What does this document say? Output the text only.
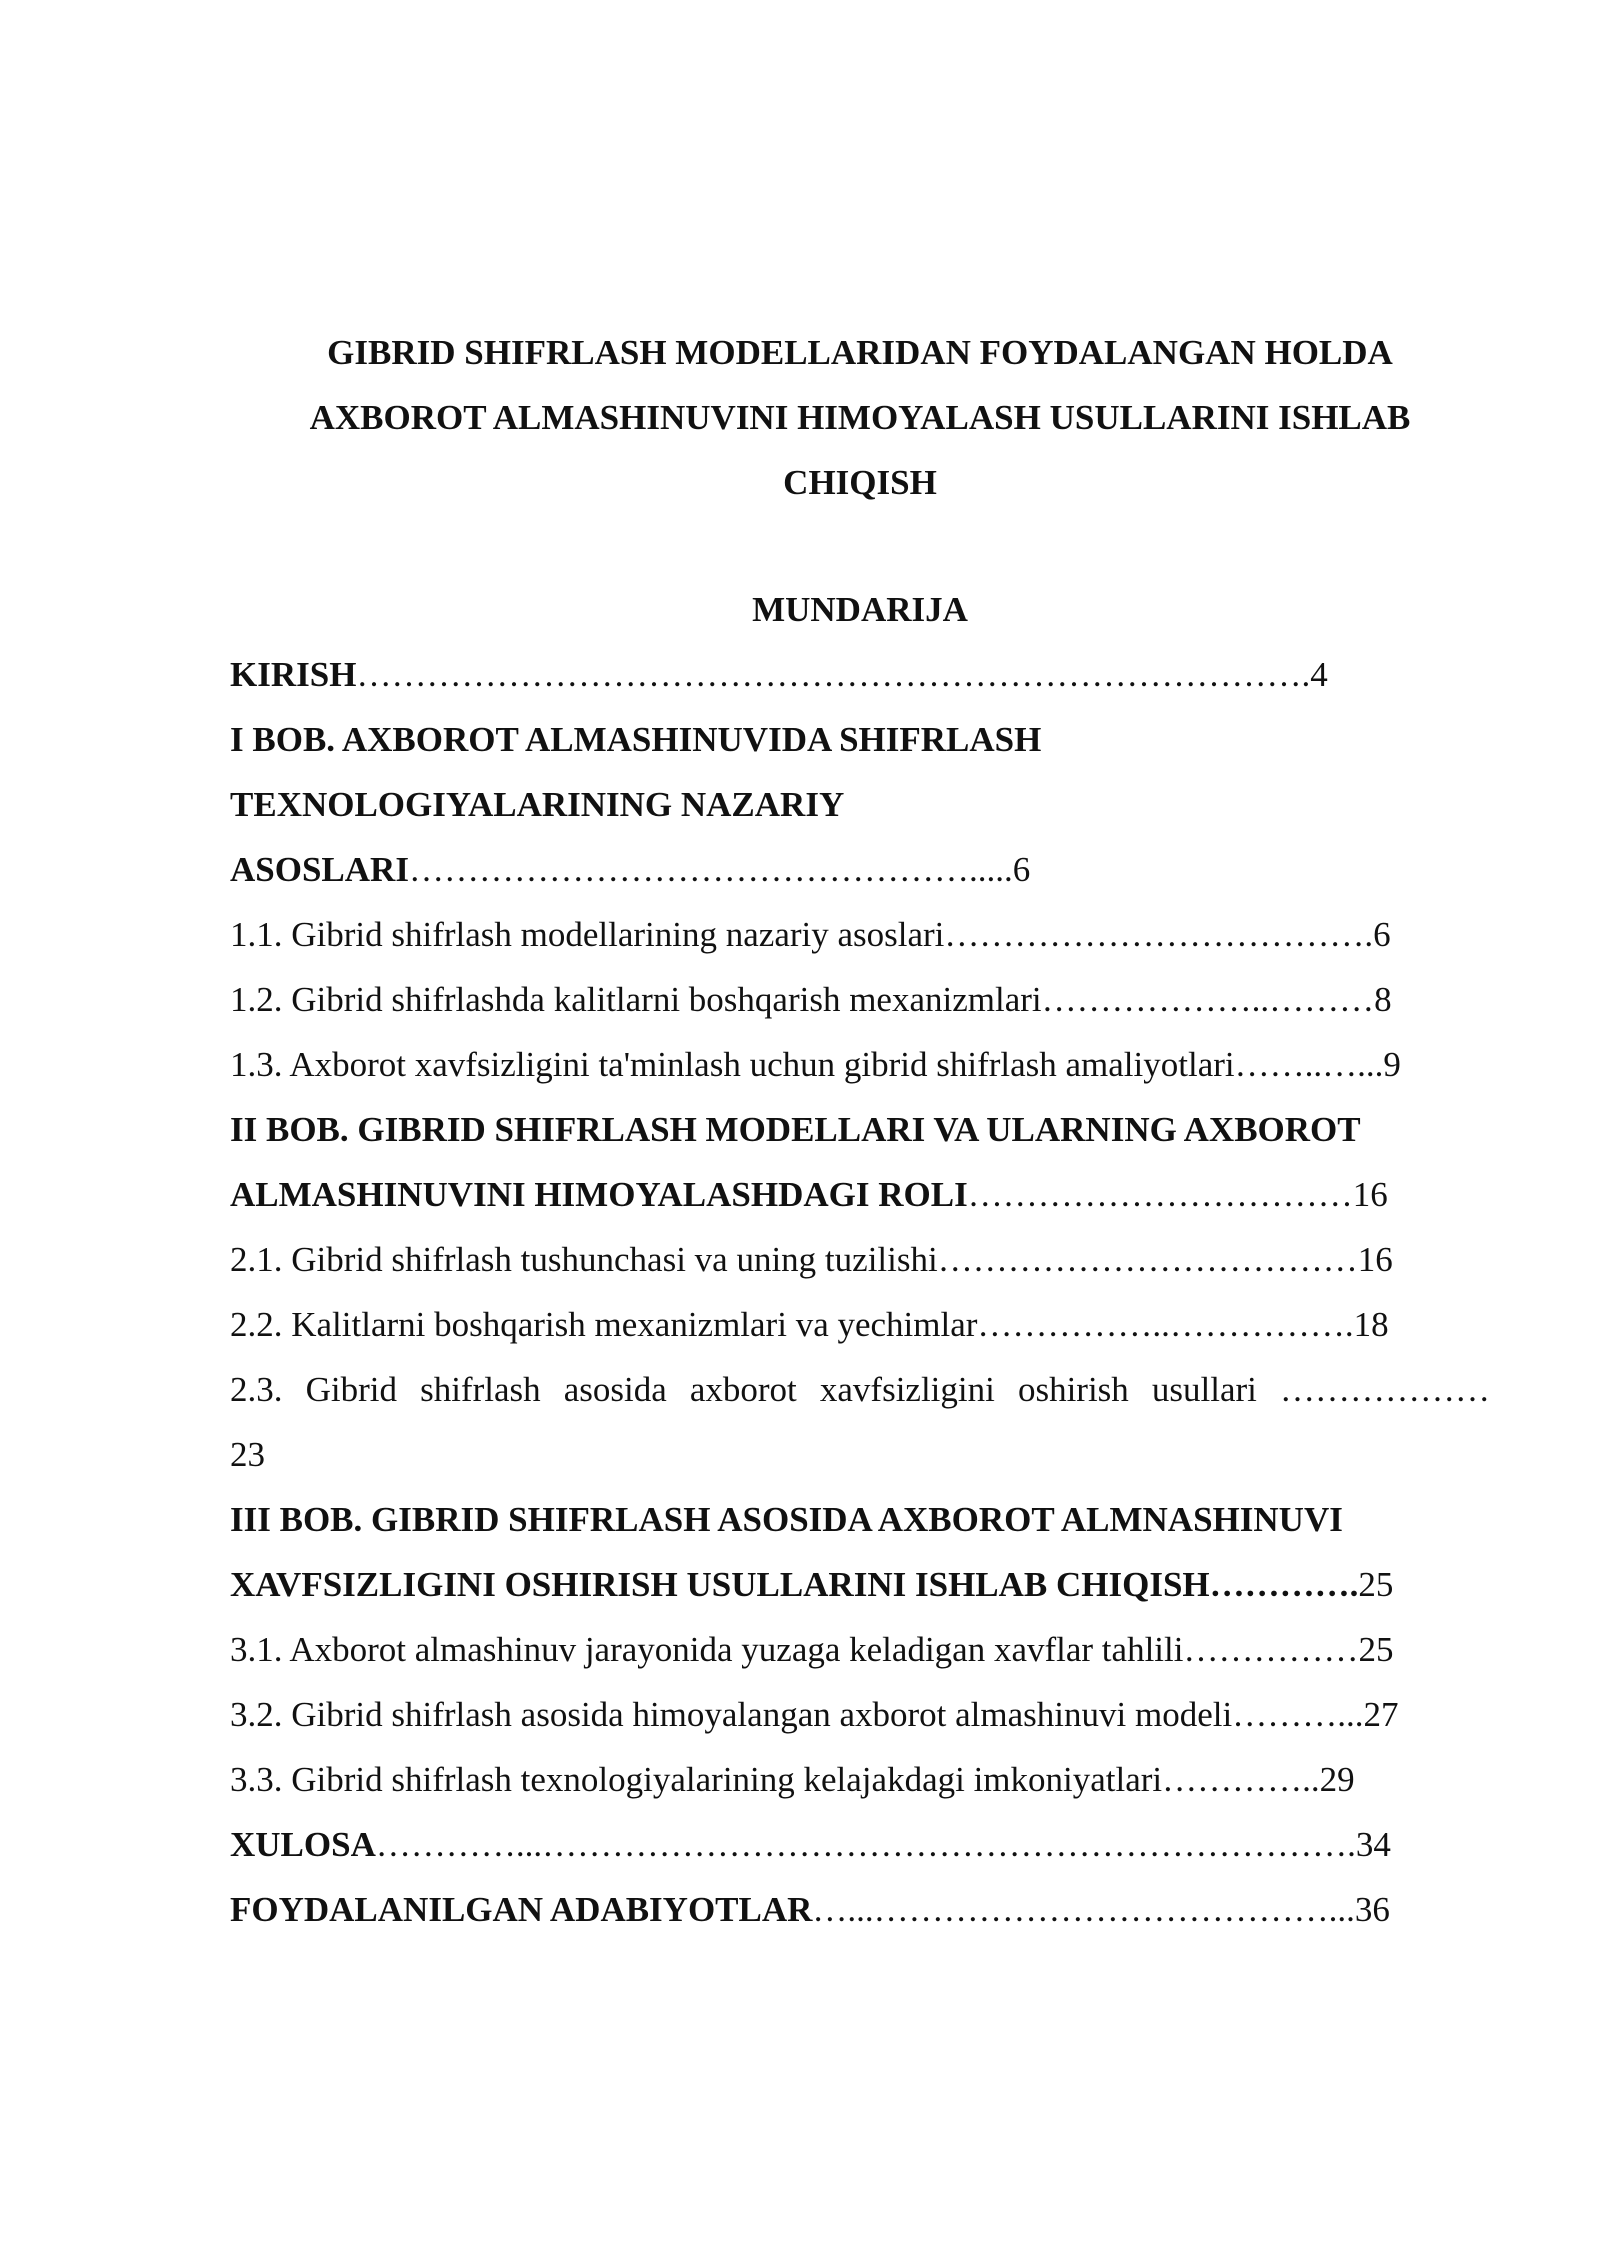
GIBRID SHIFRLASH MODELLARIDAN FOYDALANGAN HOLDA
AXBOROT ALMASHINUVINI HIMOYALASH USULLARINI ISHLAB
CHIQISH
MUNDARIJA
KIRISH……………………………………………………………………….4
I BOB. AXBOROT ALMASHINUVIDA SHIFRLASH
TEXNOLOGIYALARINING NAZARIY
ASOSLARI………………………………………….....6
1.1. Gibrid shifrlash modellarining nazariy asoslari……………………………….6
1.2. Gibrid shifrlashda kalitlarni boshqarish mexanizmlari………………..………8
1.3. Axborot xavfsizligini ta'minlash uchun gibrid shifrlash amaliyotlari……..…...9
II BOB. GIBRID SHIFRLASH MODELLARI VA ULARNING AXBOROT
ALMASHINUVINI HIMOYALASHDAGI ROLI……………………………16
2.1. Gibrid shifrlash tushunchasi va uning tuzilishi………………………………16
2.2. Kalitlarni boshqarish mexanizmlari va yechimlar……………..…………….18
2.3. Gibrid shifrlash asosida axborot xavfsizligini oshirish usullari ………………
23
III BOB. GIBRID SHIFRLASH ASOSIDA AXBOROT ALMNASHINUVI
XAVFSIZLIGINI OSHIRISH USULLARINI ISHLAB CHIQISH………….25
3.1. Axborot almashinuv jarayonida yuzaga keladigan xavflar tahlili……………25
3.2. Gibrid shifrlash asosida himoyalangan axborot almashinuvi modeli………...27
3.3. Gibrid shifrlash texnologiyalarining kelajakdagi imkoniyatlari…………..29
XULOSA…………...…………………………………………………………….34
FOYDALANILGAN ADABIYOTLAR…...…………………………………...36
